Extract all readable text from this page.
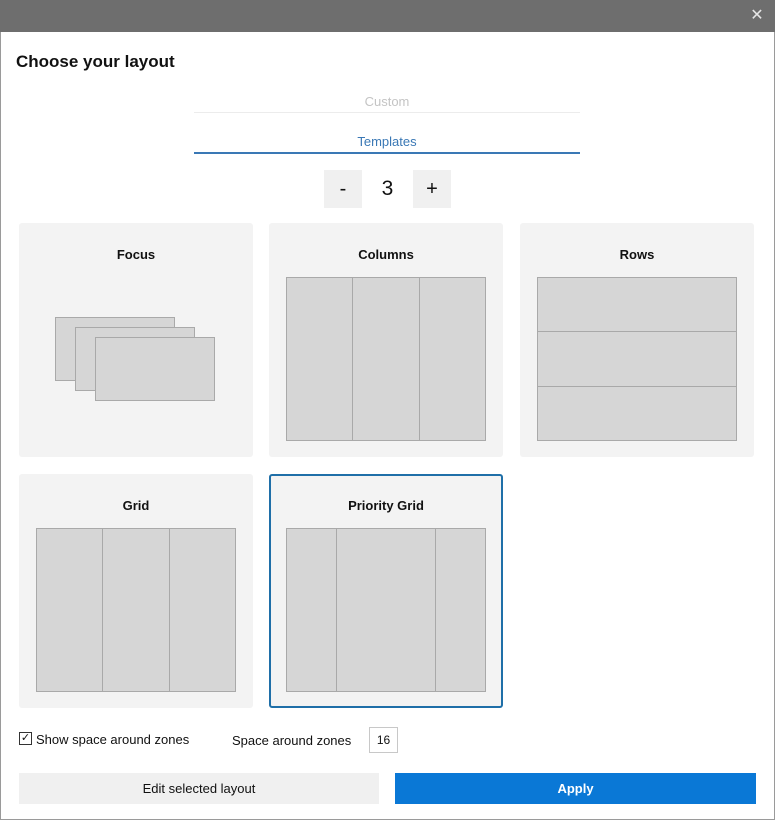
✕
Choose your layout
Custom
Templates
-	3	+
Focus	Columns	Rows
Grid	Priority Grid
✓ Show space around zones	Space around zones	16
Edit selected layout	Apply
